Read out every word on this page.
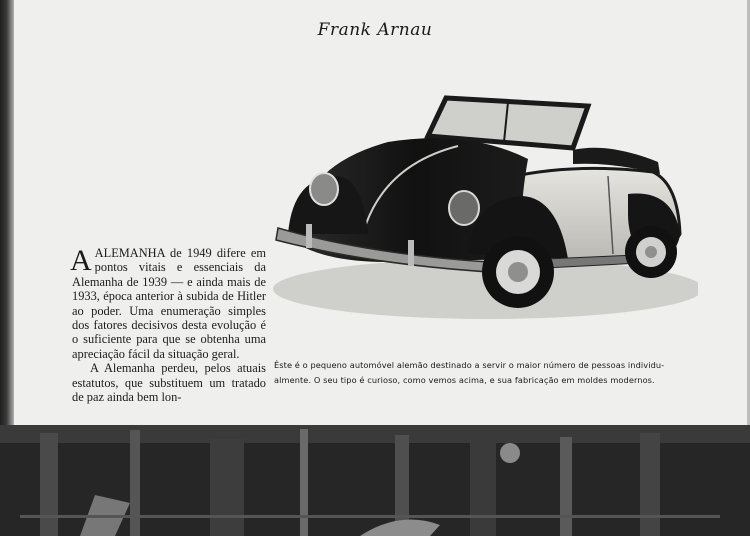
Frank Arnau

AALEMANHA de 1949 difere em pontos vitais e essenciais da Alemanha de 1939 — e ainda mais de 1933, época anterior à subida de Hitler ao poder. Uma enumeração simples dos fatores decisivos desta evolução é o suficiente para que se obtenha uma apreciação fácil da situação geral.

A Alemanha perdeu, pelos atuais estatutos, que substituem um tratado de paz ainda bem lon-

Êste é o pequeno automóvel alemão destinado a servir o maior número de pessoas individu-
almente. O seu tipo é curioso, como vemos acima, e sua fabricação em moldes modernos.
